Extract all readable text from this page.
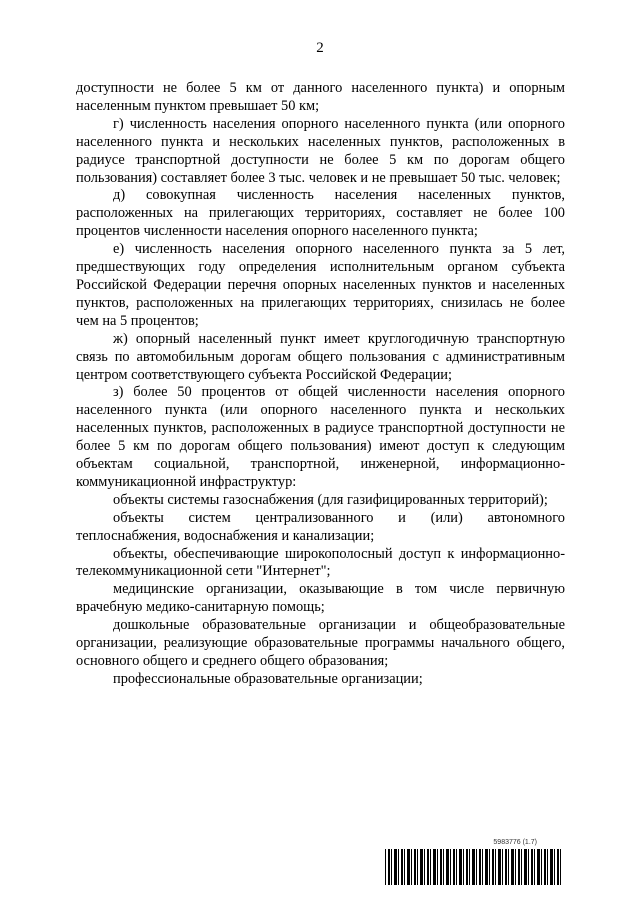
2

доступности не более 5 км от данного населенного пункта) и опорным населенным пунктом превышает 50 км;

г) численность населения опорного населенного пункта (или опорного населенного пункта и нескольких населенных пунктов, расположенных в радиусе транспортной доступности не более 5 км по дорогам общего пользования) составляет более 3 тыс. человек и не превышает 50 тыс. человек;

д) совокупная численность населения населенных пунктов, расположенных на прилегающих территориях, составляет не более 100 процентов численности населения опорного населенного пункта;

е) численность населения опорного населенного пункта за 5 лет, предшествующих году определения исполнительным органом субъекта Российской Федерации перечня опорных населенных пунктов и населенных пунктов, расположенных на прилегающих территориях, снизилась не более чем на 5 процентов;

ж) опорный населенный пункт имеет круглогодичную транспортную связь по автомобильным дорогам общего пользования с административным центром соответствующего субъекта Российской Федерации;

з) более 50 процентов от общей численности населения опорного населенного пункта (или опорного населенного пункта и нескольких населенных пунктов, расположенных в радиусе транспортной доступности не более 5 км по дорогам общего пользования) имеют доступ к следующим объектам социальной, транспортной, инженерной, информационно-коммуникационной инфраструктур:

объекты системы газоснабжения (для газифицированных территорий);

объекты систем централизованного и (или) автономного теплоснабжения, водоснабжения и канализации;

объекты, обеспечивающие широкополосный доступ к информационно-телекоммуникационной сети "Интернет";

медицинские организации, оказывающие в том числе первичную врачебную медико-санитарную помощь;

дошкольные образовательные организации и общеобразовательные организации, реализующие образовательные программы начального общего, основного общего и среднего общего образования;

профессиональные образовательные организации;

5983776 (1.7)
